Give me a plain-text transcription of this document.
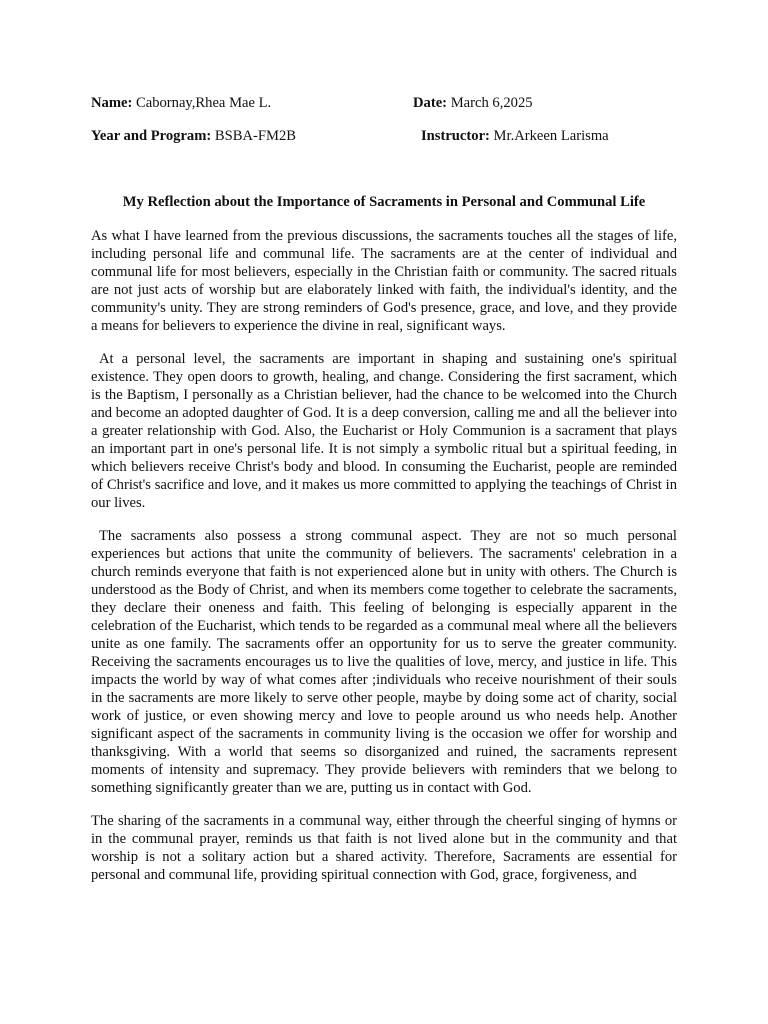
Name: Cabornay,Rhea Mae L.	Date: March 6,2025
Year and Program: BSBA-FM2B	Instructor: Mr.Arkeen Larisma
My Reflection about the Importance of Sacraments in Personal and Communal Life

As what I have learned from the previous discussions, the sacraments touches all the stages of life, including personal life and communal life. The sacraments are at the center of individual and communal life for most believers, especially in the Christian faith or community. The sacred rituals are not just acts of worship but are elaborately linked with faith, the individual's identity, and the community's unity. They are strong reminders of God's presence, grace, and love, and they provide a means for believers to experience the divine in real, significant ways.

At a personal level, the sacraments are important in shaping and sustaining one's spiritual existence. They open doors to growth, healing, and change. Considering the first sacrament, which is the Baptism, I personally as a Christian believer, had the chance to be welcomed into the Church and become an adopted daughter of God. It is a deep conversion, calling me and all the believer into a greater relationship with God. Also, the Eucharist or Holy Communion is a sacrament that plays an important part in one's personal life. It is not simply a symbolic ritual but a spiritual feeding, in which believers receive Christ's body and blood. In consuming the Eucharist, people are reminded of Christ's sacrifice and love, and it makes us more committed to applying the teachings of Christ in our lives.

The sacraments also possess a strong communal aspect. They are not so much personal experiences but actions that unite the community of believers. The sacraments' celebration in a church reminds everyone that faith is not experienced alone but in unity with others. The Church is understood as the Body of Christ, and when its members come together to celebrate the sacraments, they declare their oneness and faith. This feeling of belonging is especially apparent in the celebration of the Eucharist, which tends to be regarded as a communal meal where all the believers unite as one family. The sacraments offer an opportunity for us to serve the greater community. Receiving the sacraments encourages us to live the qualities of love, mercy, and justice in life. This impacts the world by way of what comes after ;individuals who receive nourishment of their souls in the sacraments are more likely to serve other people, maybe by doing some act of charity, social work of justice, or even showing mercy and love to people around us who needs help. Another significant aspect of the sacraments in community living is the occasion we offer for worship and thanksgiving. With a world that seems so disorganized and ruined, the sacraments represent moments of intensity and supremacy. They provide believers with reminders that we belong to something significantly greater than we are, putting us in contact with God.

The sharing of the sacraments in a communal way, either through the cheerful singing of hymns or in the communal prayer, reminds us that faith is not lived alone but in the community and that worship is not a solitary action but a shared activity. Therefore, Sacraments are essential for personal and communal life, providing spiritual connection with God, grace, forgiveness, and
